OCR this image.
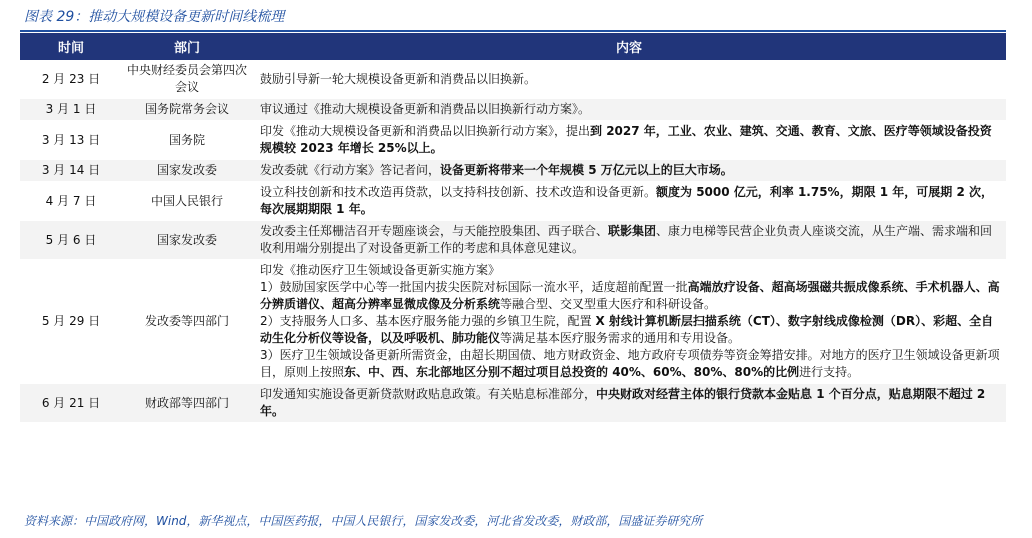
图表 29：推动大规模设备更新时间线梳理
时间	部门	内容
2 月 23 日	中央财经委员会第四次会议	鼓励引导新一轮大规模设备更新和消费品以旧换新。

3 月 1 日	国务院常务会议	审议通过《推动大规模设备更新和消费品以旧换新行动方案》。

3 月 13 日	国务院	印发《推动大规模设备更新和消费品以旧换新行动方案》，提出到 2027 年，工业、农业、建筑、交通、教育、文旅、医疗等领域设备投资规模较 2023 年增长 25%以上。

3 月 14 日	国家发改委	发改委就《行动方案》答记者问，设备更新将带来一个年规模 5 万亿元以上的巨大市场。

4 月 7 日	中国人民银行	设立科技创新和技术改造再贷款，以支持科技创新、技术改造和设备更新。额度为 5000 亿元，利率 1.75%，期限 1 年，可展期 2 次，每次展期期限 1 年。

5 月 6 日	国家发改委	发改委主任郑栅洁召开专题座谈会，与天能控股集团、西子联合、联影集团、康力电梯等民营企业负责人座谈交流，从生产端、需求端和回收利用端分别提出了对设备更新工作的考虑和具体意见建议。

5 月 29 日	发改委等四部门	印发《推动医疗卫生领域设备更新实施方案》
1）鼓励国家医学中心等一批国内拔尖医院对标国际一流水平，适度超前配置一批高端放疗设备、超高场强磁共振成像系统、手术机器人、高分辨质谱仪、超高分辨率显微成像及分析系统等融合型、交叉型重大医疗和科研设备。
2）支持服务人口多、基本医疗服务能力强的乡镇卫生院，配置 X 射线计算机断层扫描系统（CT）、数字射线成像检测（DR）、彩超、全自动生化分析仪等设备，以及呼吸机、肺功能仪等满足基本医疗服务需求的通用和专用设备。
3）医疗卫生领域设备更新所需资金，由超长期国债、地方财政资金、地方政府专项债券等资金筹措安排。对地方的医疗卫生领域设备更新项目，原则上按照东、中、西、东北部地区分别不超过项目总投资的 40%、60%、80%、80%的比例进行支持。

6 月 21 日	财政部等四部门	印发通知实施设备更新贷款财政贴息政策。有关贴息标准部分，中央财政对经营主体的银行贷款本金贴息 1 个百分点，贴息期限不超过 2 年。
资料来源：中国政府网，Wind，新华视点，中国医药报，中国人民银行，国家发改委，河北省发改委，财政部，国盛证券研究所
